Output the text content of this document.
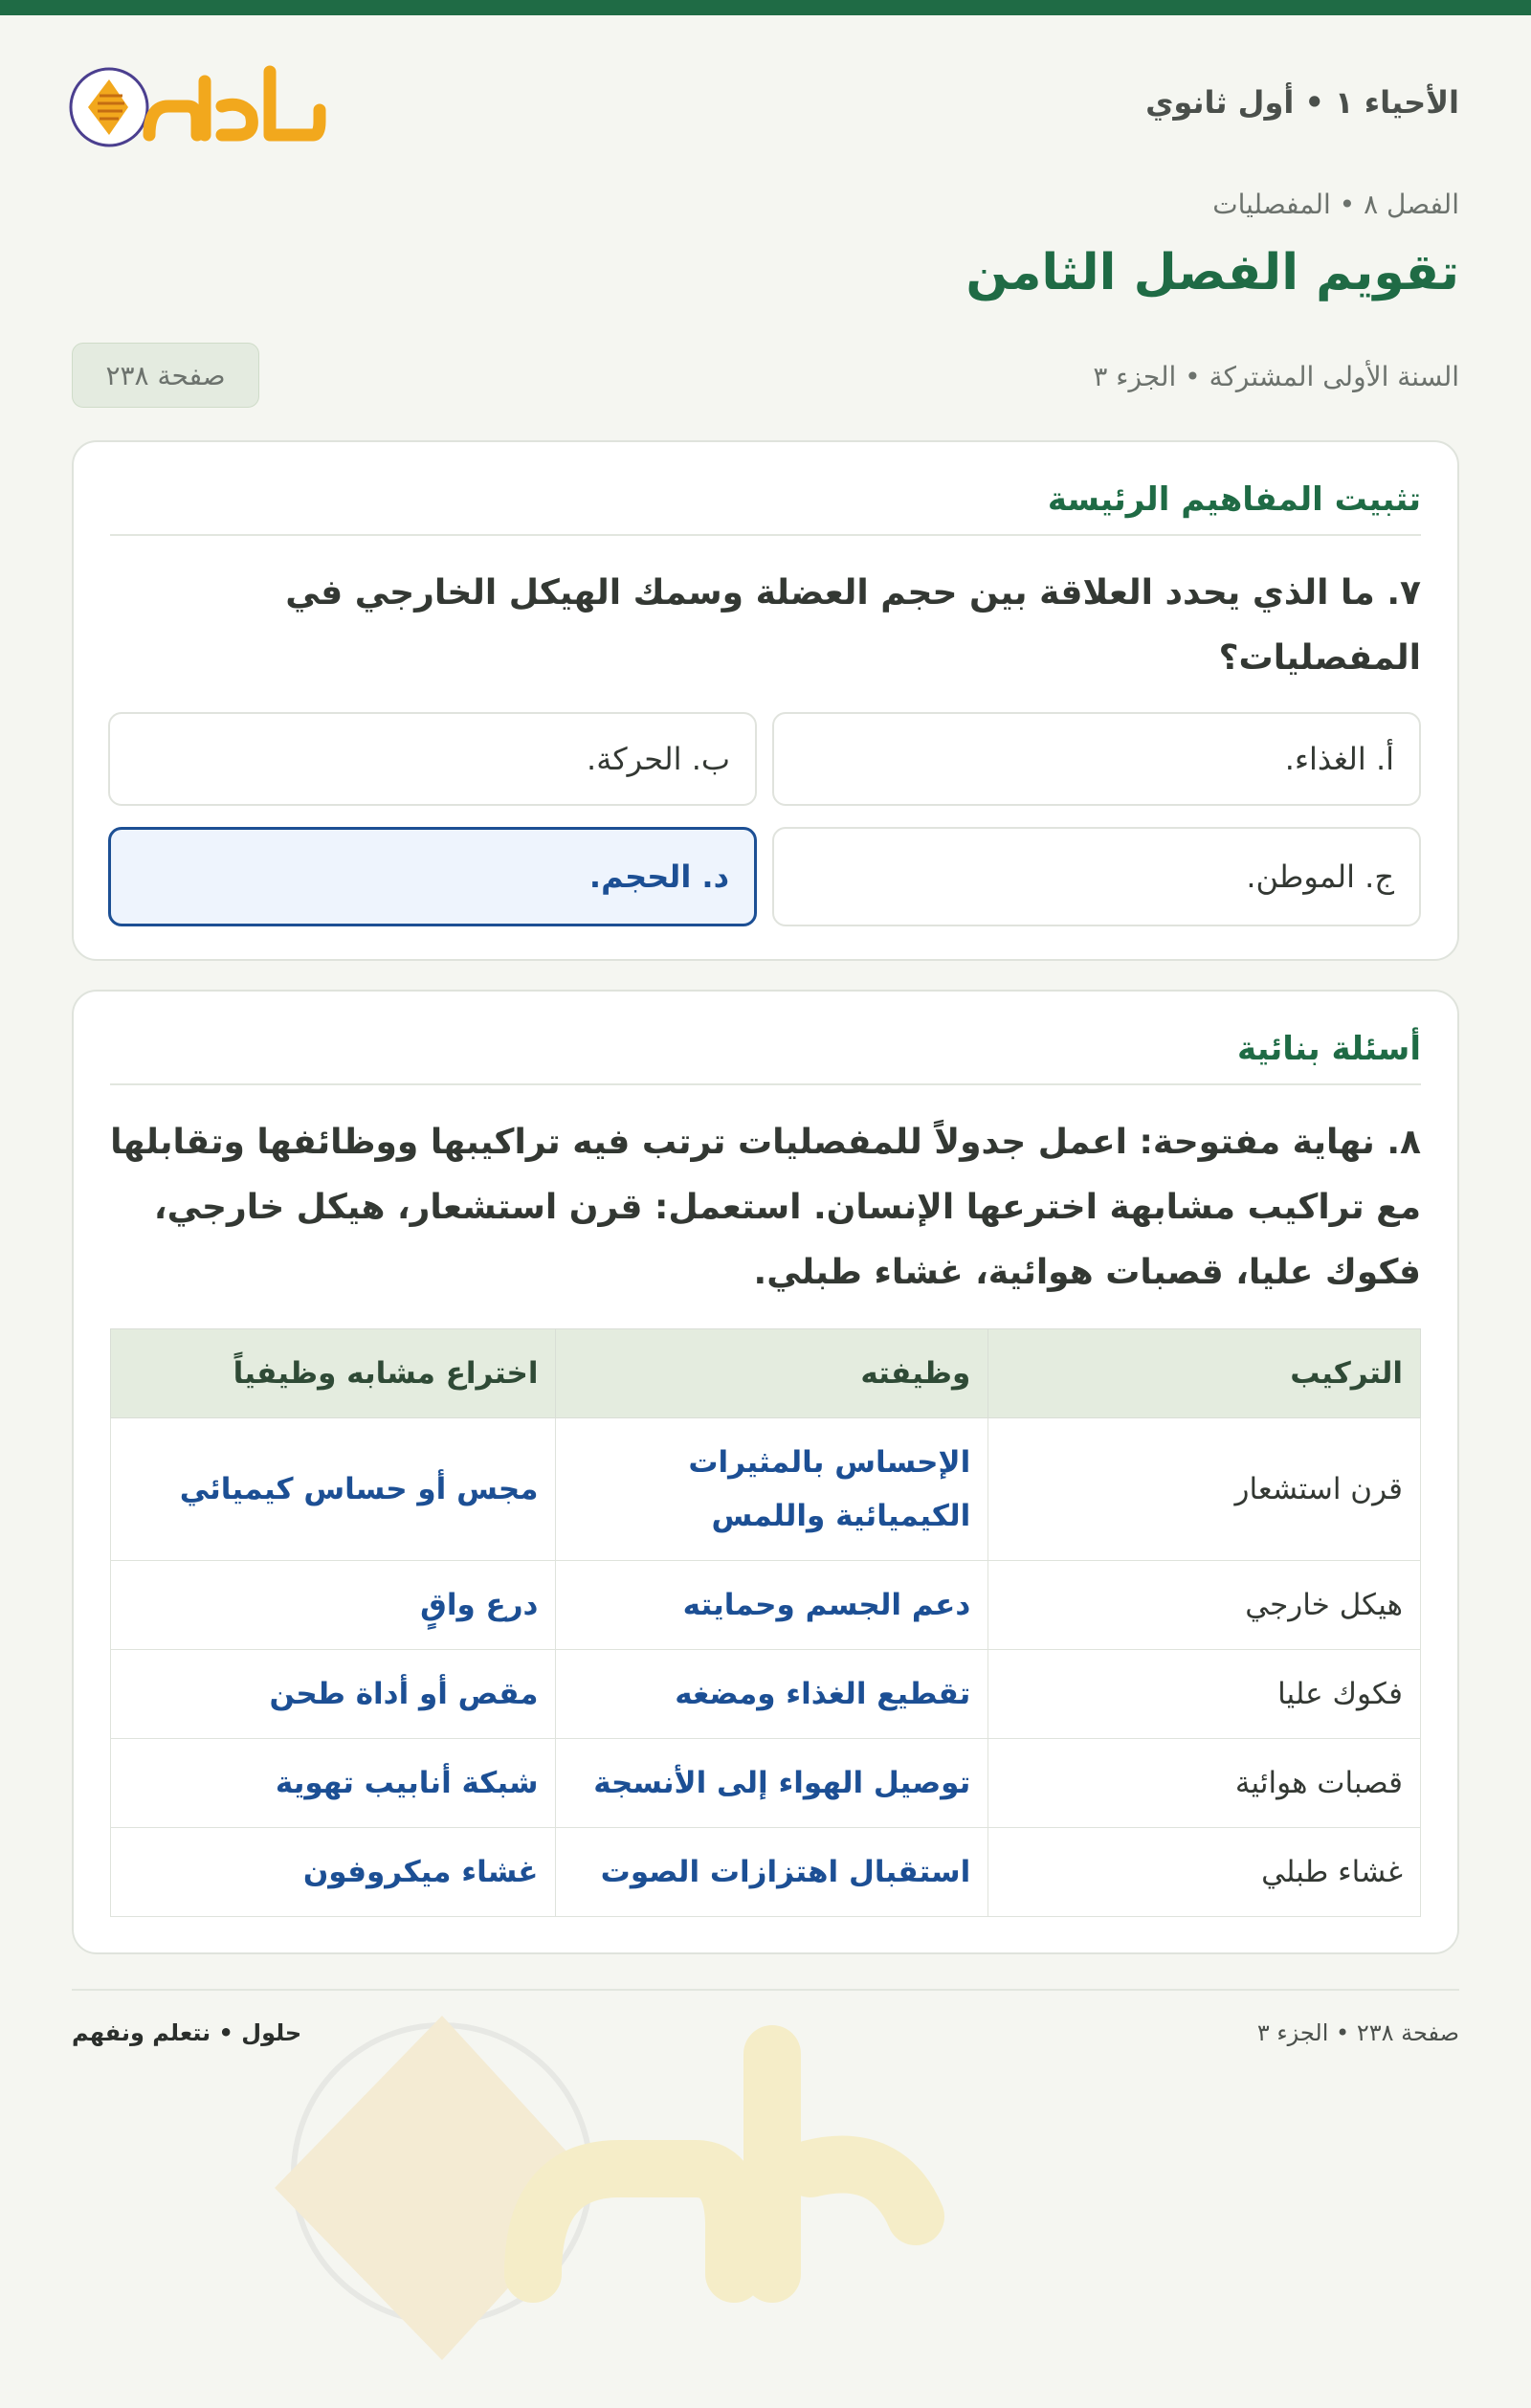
الأحياء ١ • أول ثانوي
الفصل ٨ • المفصليات
تقويم الفصل الثامن
السنة الأولى المشتركة • الجزء ٣
صفحة ٢٣٨
تثبيت المفاهيم الرئيسة
٧. ما الذي يحدد العلاقة بين حجم العضلة وسمك الهيكل الخارجي في المفصليات؟
أ. الغذاء.
ب. الحركة.
ج. الموطن.
د. الحجم.
أسئلة بنائية
٨. نهاية مفتوحة: اعمل جدولاً للمفصليات ترتب فيه تراكيبها ووظائفها وتقابلها مع تراكيب مشابهة اخترعها الإنسان. استعمل: قرن استشعار، هيكل خارجي، فكوك عليا، قصبات هوائية، غشاء طبلي.
التركيب	وظيفته	اختراع مشابه وظيفياً
قرن استشعار	الإحساس بالمثيرات الكيميائية واللمس	مجس أو حساس كيميائي
هيكل خارجي	دعم الجسم وحمايته	درع واقٍ
فكوك عليا	تقطيع الغذاء ومضغه	مقص أو أداة طحن
قصبات هوائية	توصيل الهواء إلى الأنسجة	شبكة أنابيب تهوية
غشاء طبلي	استقبال اهتزازات الصوت	غشاء ميكروفون
صفحة ٢٣٨ • الجزء ٣
حلول • نتعلم ونفهم
